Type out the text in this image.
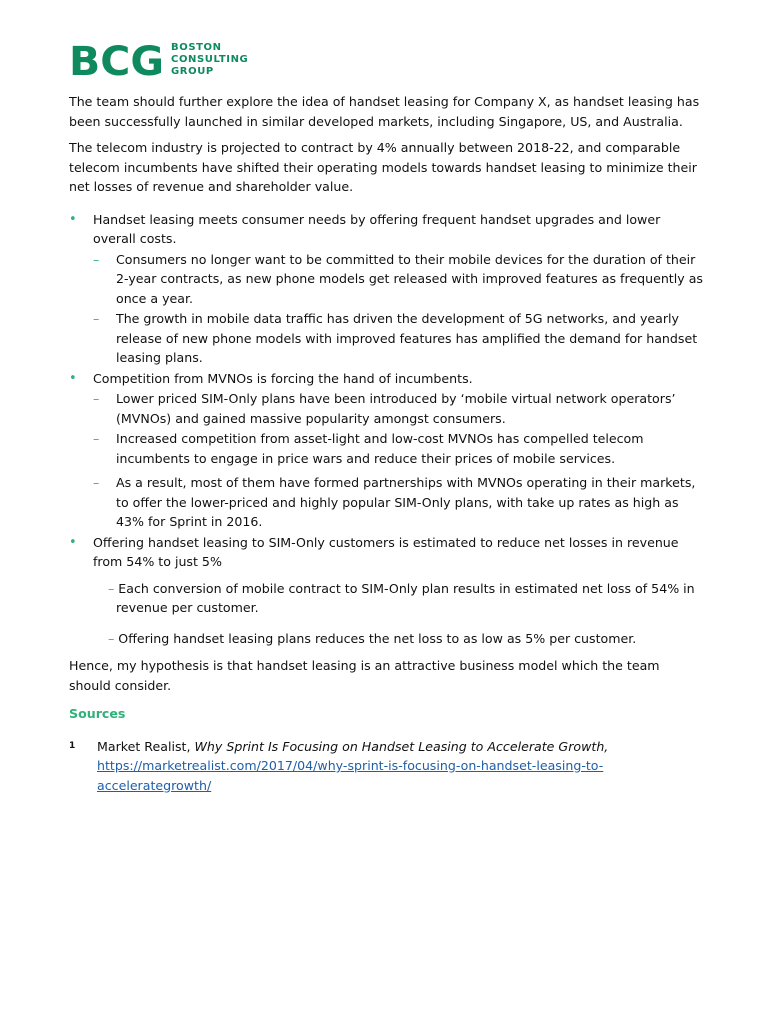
BCG BOSTON
CONSULTING
GROUP

The team should further explore the idea of handset leasing for Company X, as handset leasing has been successfully launched in similar developed markets, including Singapore, US, and Australia.

The telecom industry is projected to contract by 4% annually between 2018-22, and comparable telecom incumbents have shifted their operating models towards handset leasing to minimize their net losses of revenue and shareholder value.

• Handset leasing meets consumer needs by offering frequent handset upgrades and lower overall costs.
– Consumers no longer want to be committed to their mobile devices for the duration of their 2-year contracts, as new phone models get released with improved features as frequently as once a year.
– The growth in mobile data traffic has driven the development of 5G networks, and yearly release of new phone models with improved features has amplified the demand for handset leasing plans.
• Competition from MVNOs is forcing the hand of incumbents.
– Lower priced SIM-Only plans have been introduced by ‘mobile virtual network operators’ (MVNOs) and gained massive popularity amongst consumers.
– Increased competition from asset-light and low-cost MVNOs has compelled telecom incumbents to engage in price wars and reduce their prices of mobile services.
– As a result, most of them have formed partnerships with MVNOs operating in their markets, to offer the lower-priced and highly popular SIM-Only plans, with take up rates as high as 43% for Sprint in 2016.
• Offering handset leasing to SIM-Only customers is estimated to reduce net losses in revenue from 54% to just 5%
– Each conversion of mobile contract to SIM-Only plan results in estimated net loss of 54% in revenue per customer.
– Offering handset leasing plans reduces the net loss to as low as 5% per customer.

Hence, my hypothesis is that handset leasing is an attractive business model which the team should consider.

Sources

1 Market Realist, Why Sprint Is Focusing on Handset Leasing to Accelerate Growth,
https://marketrealist.com/2017/04/why-sprint-is-focusing-on-handset-leasing-to-accelerategrowth/
